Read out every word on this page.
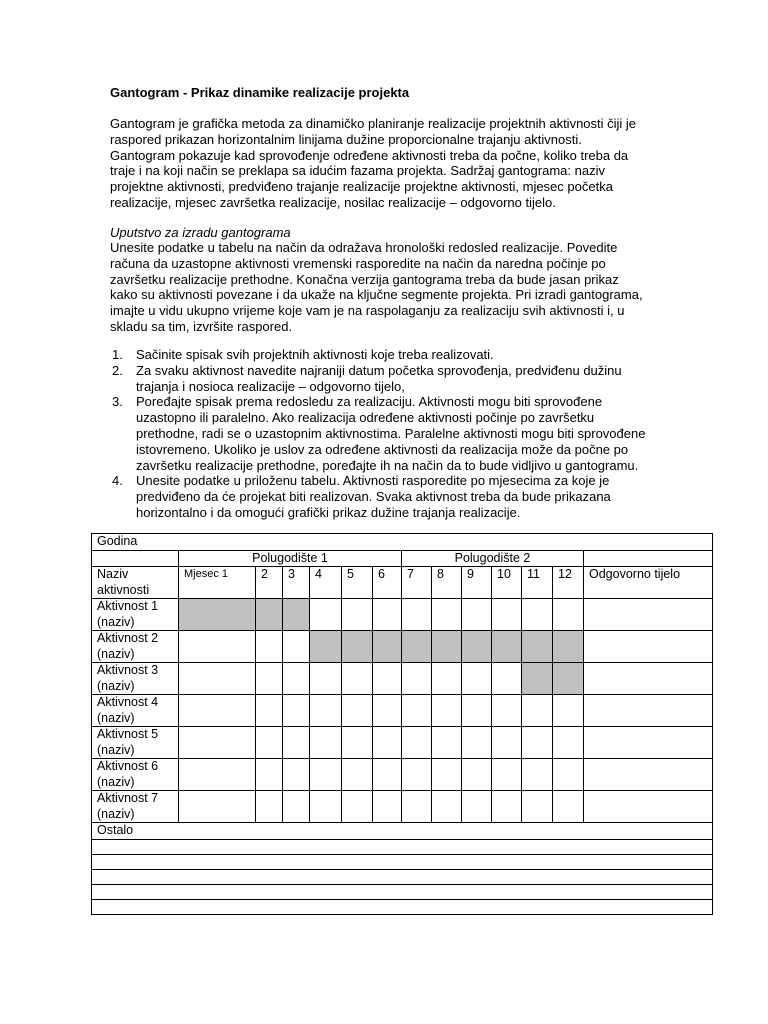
Gantogram - Prikaz dinamike realizacije projekta

Gantogram je grafička metoda za dinamičko planiranje realizacije projektnih aktivnosti čiji je
raspored prikazan horizontalnim linijama dužine proporcionalne trajanju aktivnosti.
Gantogram pokazuje kad sprovođenje određene aktivnosti treba da počne, koliko treba da
traje i na koji način se preklapa sa idućim fazama projekta. Sadržaj gantograma: naziv
projektne aktivnosti, predviđeno trajanje realizacije projektne aktivnosti, mjesec početka
realizacije, mjesec završetka realizacije, nosilac realizacije – odgovorno tijelo.

Uputstvo za izradu gantograma

Unesite podatke u tabelu na način da odražava hronološki redosled realizacije. Povedite
računa da uzastopne aktivnosti vremenski rasporedite na način da naredna počinje po
završetku realizacije prethodne. Konačna verzija gantograma treba da bude jasan prikaz
kako su aktivnosti povezane i da ukaže na ključne segmente projekta. Pri izradi gantograma,
imajte u vidu ukupno vrijeme koje vam je na raspolaganju za realizaciju svih aktivnosti i, u
skladu sa tim, izvršite raspored.

1. Sačinite spisak svih projektnih aktivnosti koje treba realizovati.
2. Za svaku aktivnost navedite najraniji datum početka sprovođenja, predviđenu dužinu
trajanja i nosioca realizacije – odgovorno tijelo,
3. Poređajte spisak prema redosledu za realizaciju. Aktivnosti mogu biti sprovođene
uzastopno ili paralelno. Ako realizacija određene aktivnosti počinje po završetku
prethodne, radi se o uzastopnim aktivnostima. Paralelne aktivnosti mogu biti sprovođene
istovremeno. Ukoliko je uslov za određene aktivnosti da realizacija može da počne po
završetku realizacije prethodne, poređajte ih na način da to bude vidljivo u gantogramu.
4. Unesite podatke u priloženu tabelu. Aktivnosti rasporedite po mjesecima za koje je
predviđeno da će projekat biti realizovan. Svaka aktivnost treba da bude prikazana
horizontalno i da omogući grafički prikaz dužine trajanja realizacije.
Godina													
	Polugodište 1						Polugodište 2						
Naziv
aktivnosti	Mjesec 1	2	3	4	5	6	7	8	9	10	11	12	Odgovorno tijelo
Aktivnost 1
(naziv)													
Aktivnost 2
(naziv)													
Aktivnost 3
(naziv)													
Aktivnost 4
(naziv)													
Aktivnost 5
(naziv)													
Aktivnost 6
(naziv)													
Aktivnost 7
(naziv)													
Ostalo													
